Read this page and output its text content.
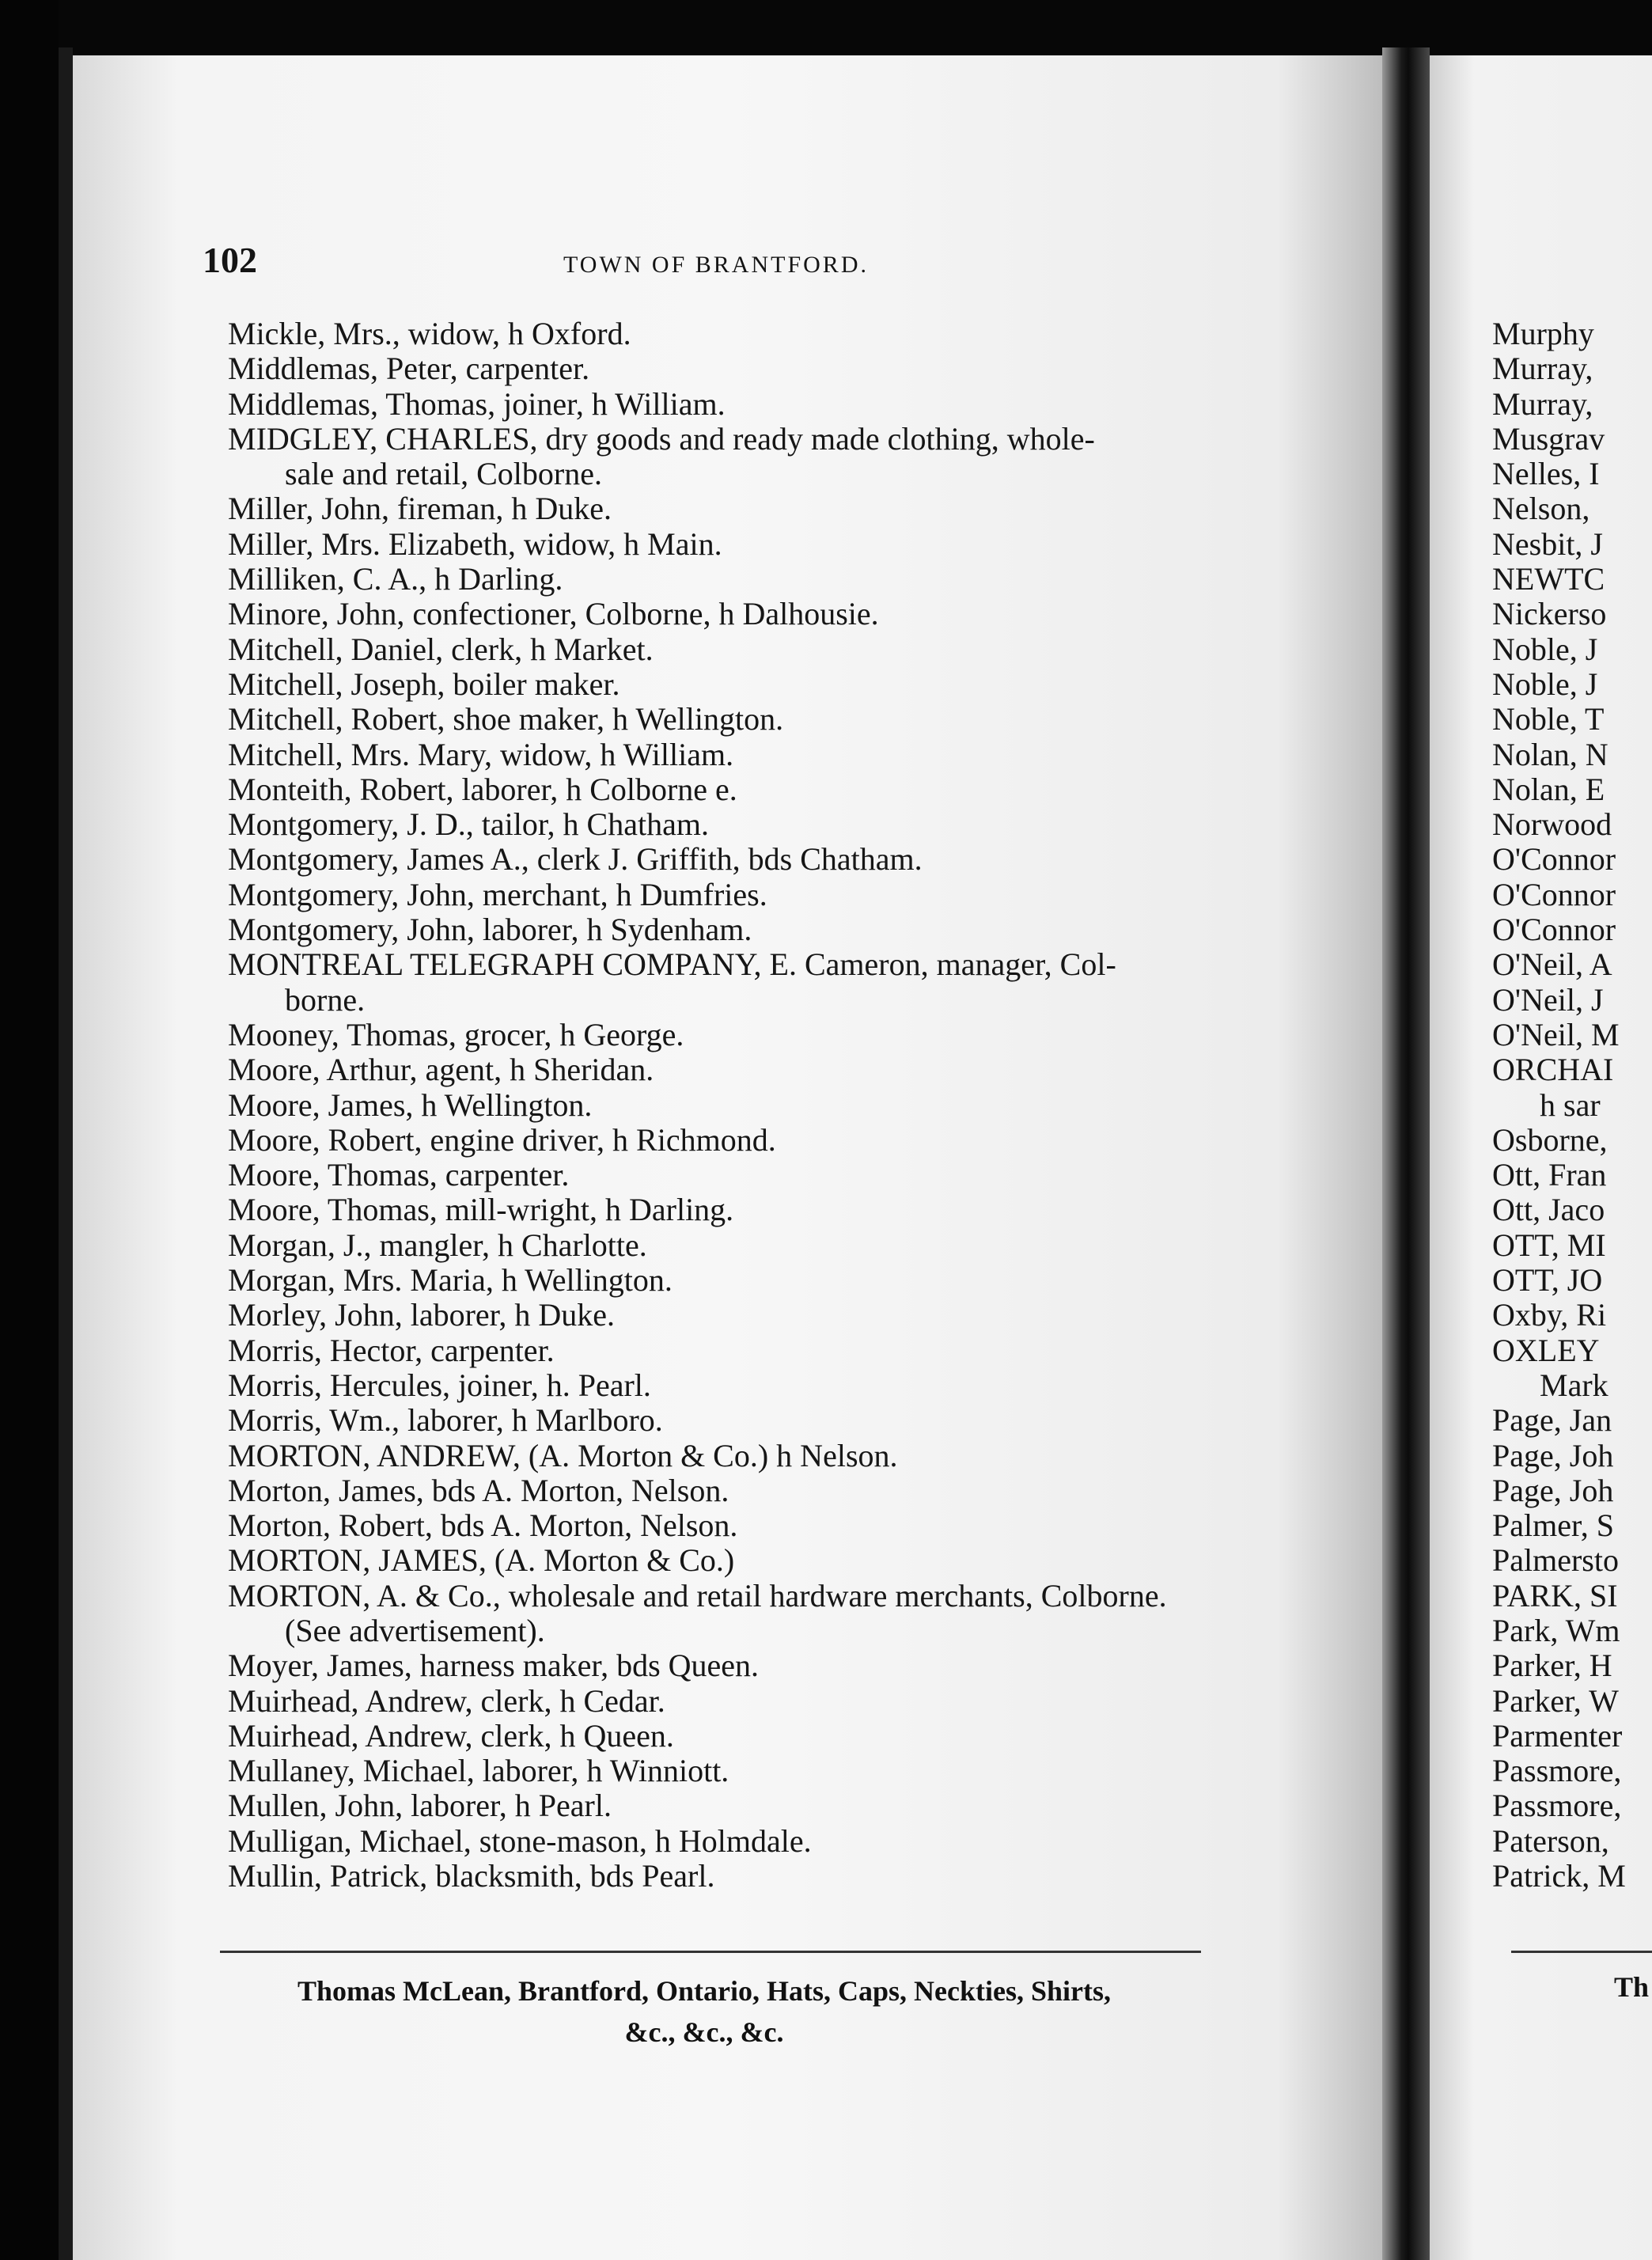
102	TOWN OF BRANTFORD.
Mickle, Mrs., widow, h Oxford.
Middlemas, Peter, carpenter.
Middlemas, Thomas, joiner, h William.
MIDGLEY, CHARLES, dry goods and ready made clothing, whole-
sale and retail, Colborne.
Miller, John, fireman, h Duke.
Miller, Mrs. Elizabeth, widow, h Main.
Milliken, C. A., h Darling.
Minore, John, confectioner, Colborne, h Dalhousie.
Mitchell, Daniel, clerk, h Market.
Mitchell, Joseph, boiler maker.
Mitchell, Robert, shoe maker, h Wellington.
Mitchell, Mrs. Mary, widow, h William.
Monteith, Robert, laborer, h Colborne e.
Montgomery, J. D., tailor, h Chatham.
Montgomery, James A., clerk J. Griffith, bds Chatham.
Montgomery, John, merchant, h Dumfries.
Montgomery, John, laborer, h Sydenham.
MONTREAL TELEGRAPH COMPANY, E. Cameron, manager, Col-
borne.
Mooney, Thomas, grocer, h George.
Moore, Arthur, agent, h Sheridan.
Moore, James, h Wellington.
Moore, Robert, engine driver, h Richmond.
Moore, Thomas, carpenter.
Moore, Thomas, mill-wright, h Darling.
Morgan, J., mangler, h Charlotte.
Morgan, Mrs. Maria, h Wellington.
Morley, John, laborer, h Duke.
Morris, Hector, carpenter.
Morris, Hercules, joiner, h. Pearl.
Morris, Wm., laborer, h Marlboro.
MORTON, ANDREW, (A. Morton & Co.) h Nelson.
Morton, James, bds A. Morton, Nelson.
Morton, Robert, bds A. Morton, Nelson.
MORTON, JAMES, (A. Morton & Co.)
MORTON, A. & Co., wholesale and retail hardware merchants, Colborne.
(See advertisement).
Moyer, James, harness maker, bds Queen.
Muirhead, Andrew, clerk, h Cedar.
Muirhead, Andrew, clerk, h Queen.
Mullaney, Michael, laborer, h Winniott.
Mullen, John, laborer, h Pearl.
Mulligan, Michael, stone-mason, h Holmdale.
Mullin, Patrick, blacksmith, bds Pearl.
Thomas McLean, Brantford, Ontario, Hats, Caps, Neckties, Shirts,
&c., &c., &c.
Murphy
Murray,
Murray,
Musgrav
Nelles, I
Nelson,
Nesbit, J
NEWTC
Nickerso
Noble, J
Noble, J
Noble, T
Nolan, N
Nolan, E
Norwood
O'Connor
O'Connor
O'Connor
O'Neil, A
O'Neil, J
O'Neil, M
ORCHAI
h sar
Osborne,
Ott, Fran
Ott, Jaco
OTT, MI
OTT, JO
Oxby, Ri
OXLEY
Mark
Page, Jan
Page, Joh
Page, Joh
Palmer, S
Palmersto
PARK, SI
Park, Wm
Parker, H
Parker, W
Parmenter
Passmore,
Passmore,
Paterson,
Patrick, M
Th
